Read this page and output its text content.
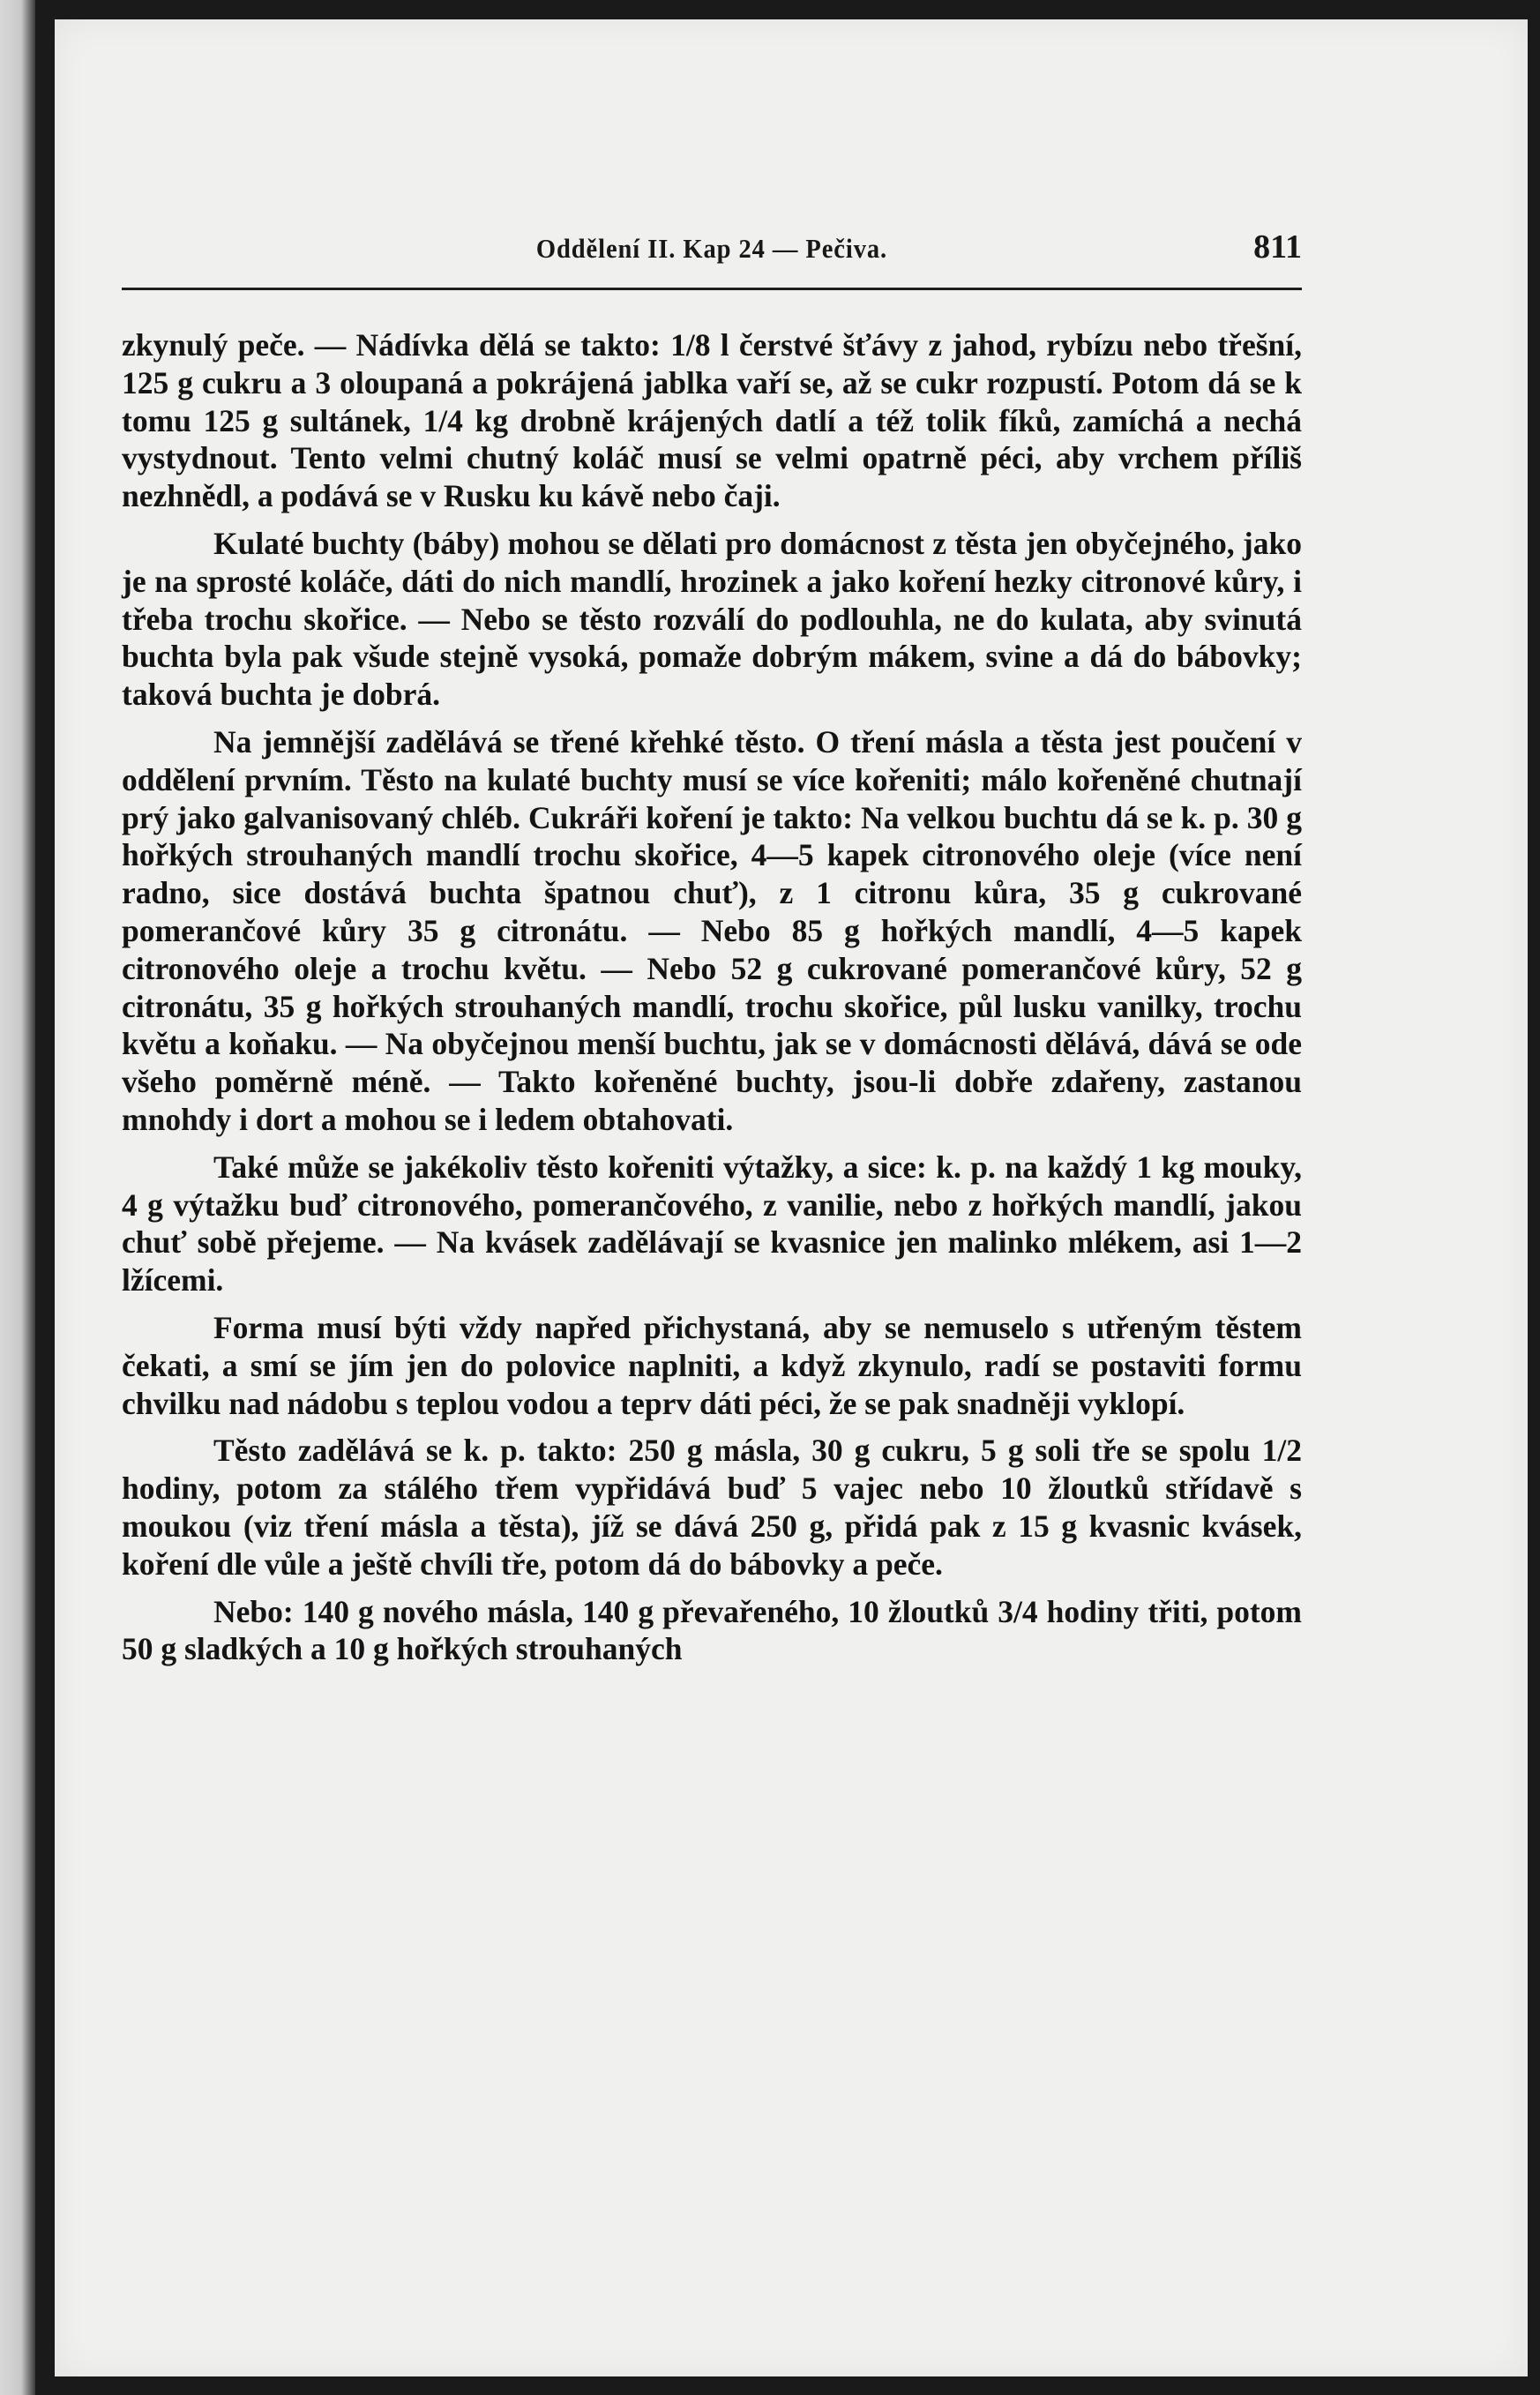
Oddělení II. Kap 24 — Pečiva.	811

zkynulý peče. — Nádívka dělá se takto: 1/8 l čerstvé šťávy z jahod, rybízu nebo třešní, 125 g cukru a 3 oloupaná a pokrájená jablka vaří se, až se cukr rozpustí. Potom dá se k tomu 125 g sultánek, 1/4 kg drobně krájených datlí a též tolik fíků, zamíchá a nechá vystydnout. Tento velmi chutný koláč musí se velmi opatrně péci, aby vrchem příliš nezhnědl, a podává se v Rusku ku kávě nebo čaji.

Kulaté buchty (báby) mohou se dělati pro domácnost z těsta jen obyčejného, jako je na sprosté koláče, dáti do nich mandlí, hrozinek a jako koření hezky citronové kůry, i třeba trochu skořice. — Nebo se těsto rozválí do podlouhla, ne do kulata, aby svinutá buchta byla pak všude stejně vysoká, pomaže dobrým mákem, svine a dá do bábovky; taková buchta je dobrá.

Na jemnější zadělává se třené křehké těsto. O tření másla a těsta jest poučení v oddělení prvním. Těsto na kulaté buchty musí se více kořeniti; málo kořeněné chutnají prý jako galvanisovaný chléb. Cukráři koření je takto: Na velkou buchtu dá se k. p. 30 g hořkých strouhaných mandlí trochu skořice, 4—5 kapek citronového oleje (více není radno, sice dostává buchta špatnou chuť), z 1 citronu kůra, 35 g cukrované pomerančové kůry 35 g citronátu. — Nebo 85 g hořkých mandlí, 4—5 kapek citronového oleje a trochu květu. — Nebo 52 g cukrované pomerančové kůry, 52 g citronátu, 35 g hořkých strouhaných mandlí, trochu skořice, půl lusku vanilky, trochu květu a koňaku. — Na obyčejnou menší buchtu, jak se v domácnosti dělává, dává se ode všeho poměrně méně. — Takto kořeněné buchty, jsou-li dobře zdařeny, zastanou mnohdy i dort a mohou se i ledem obtahovati.

Také může se jakékoliv těsto kořeniti výtažky, a sice: k. p. na každý 1 kg mouky, 4 g výtažku buď citronového, pomerančového, z vanilie, nebo z hořkých mandlí, jakou chuť sobě přejeme. — Na kvásek zadělávají se kvasnice jen malinko mlékem, asi 1—2 lžícemi.

Forma musí býti vždy napřed přichystaná, aby se nemuselo s utřeným těstem čekati, a smí se jím jen do polovice naplniti, a když zkynulo, radí se postaviti formu chvilku nad nádobu s teplou vodou a teprv dáti péci, že se pak snadněji vyklopí.

Těsto zadělává se k. p. takto: 250 g másla, 30 g cukru, 5 g soli tře se spolu 1/2 hodiny, potom za stálého třem vypřidává buď 5 vajec nebo 10 žloutků střídavě s moukou (viz tření másla a těsta), jíž se dává 250 g, přidá pak z 15 g kvasnic kvásek, koření dle vůle a ještě chvíli tře, potom dá do bábovky a peče.

Nebo: 140 g nového másla, 140 g převařeného, 10 žloutků 3/4 hodiny třiti, potom 50 g sladkých a 10 g hořkých strouhaných
